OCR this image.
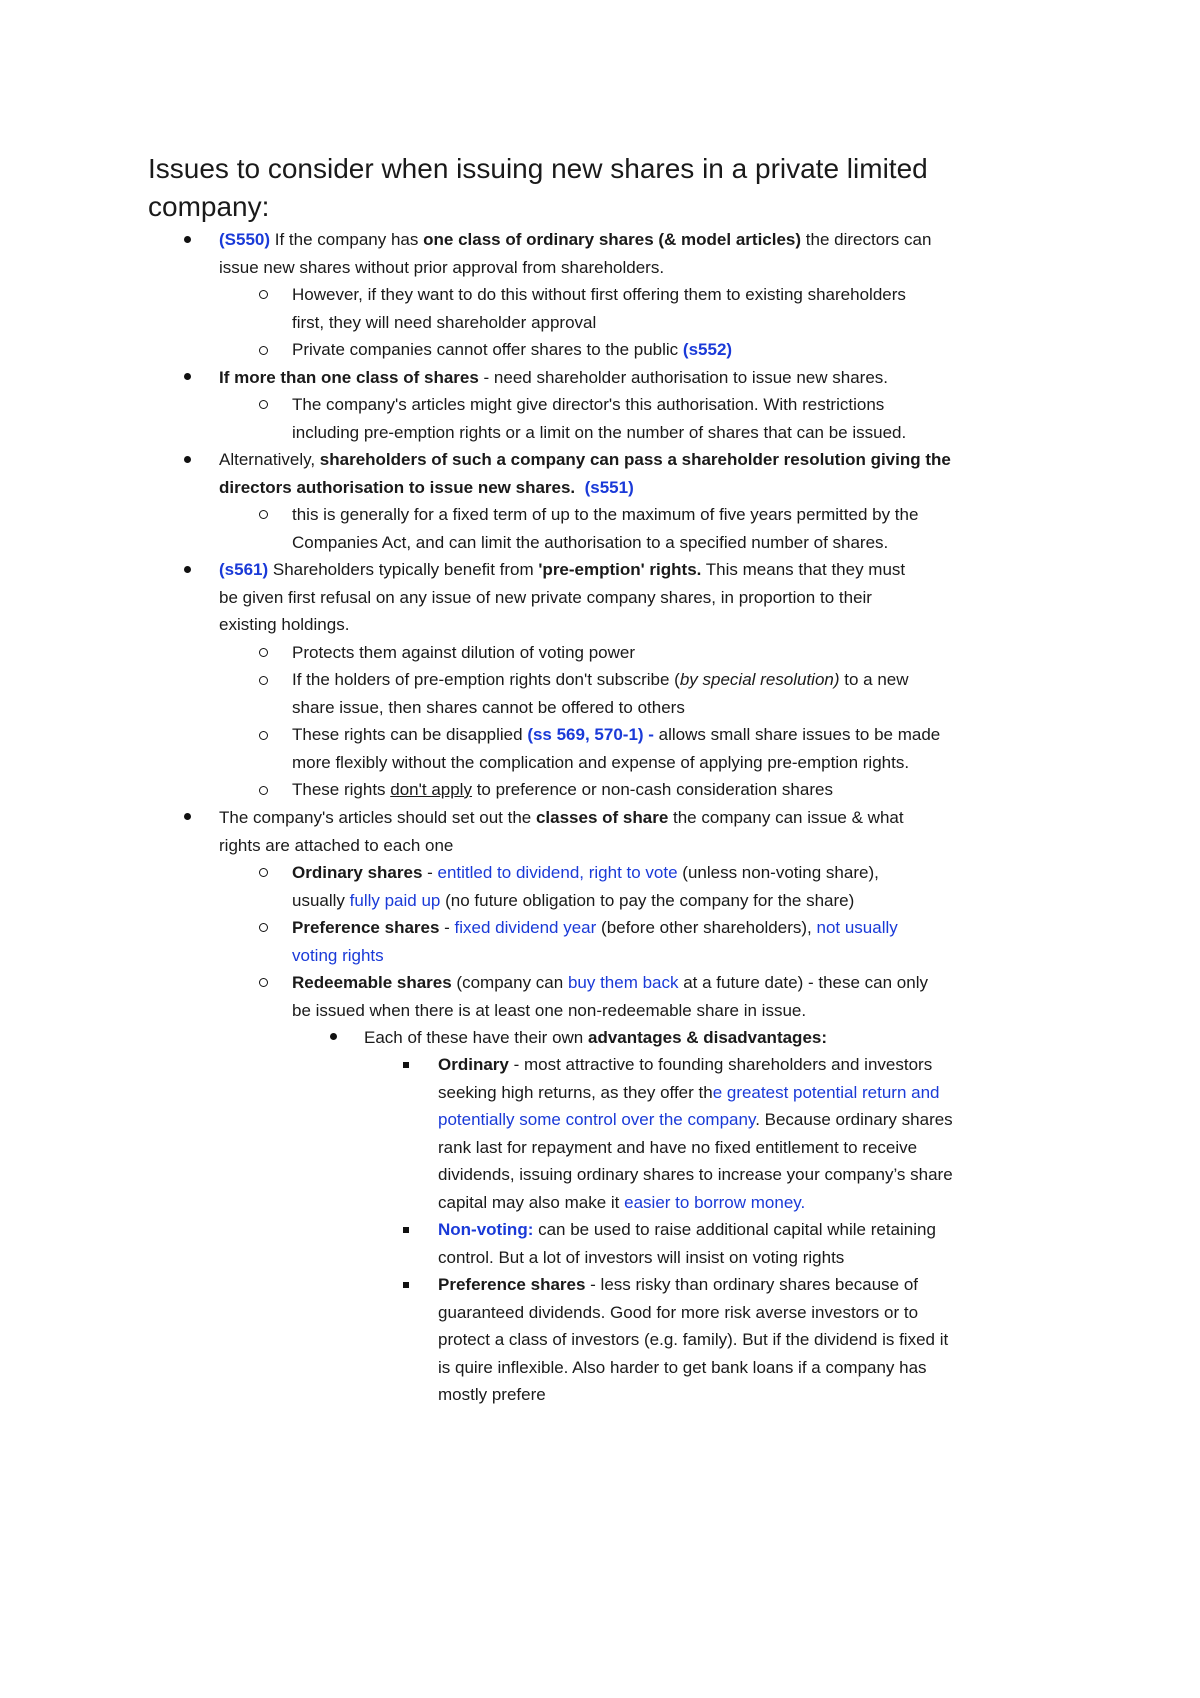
Issues to consider when issuing new shares in a private limited
company:
(S550) If the company has one class of ordinary shares (& model articles) the directors can
issue new shares without prior approval from shareholders.
However, if they want to do this without first offering them to existing shareholders
first, they will need shareholder approval
Private companies cannot offer shares to the public (s552)
If more than one class of shares - need shareholder authorisation to issue new shares.
The company's articles might give director's this authorisation. With restrictions
including pre-emption rights or a limit on the number of shares that can be issued.
Alternatively, shareholders of such a company can pass a shareholder resolution giving the
directors authorisation to issue new shares. (s551)
this is generally for a fixed term of up to the maximum of five years permitted by the
Companies Act, and can limit the authorisation to a specified number of shares.
(s561) Shareholders typically benefit from 'pre-emption' rights. This means that they must
be given first refusal on any issue of new private company shares, in proportion to their
existing holdings.
Protects them against dilution of voting power
If the holders of pre-emption rights don't subscribe (by special resolution) to a new
share issue, then shares cannot be offered to others
These rights can be disapplied (ss 569, 570-1) - allows small share issues to be made
more flexibly without the complication and expense of applying pre-emption rights.
These rights don't apply to preference or non-cash consideration shares
The company's articles should set out the classes of share the company can issue & what
rights are attached to each one
Ordinary shares - entitled to dividend, right to vote (unless non-voting share),
usually fully paid up (no future obligation to pay the company for the share)
Preference shares - fixed dividend year (before other shareholders), not usually
voting rights
Redeemable shares (company can buy them back at a future date) - these can only
be issued when there is at least one non-redeemable share in issue.
Each of these have their own advantages & disadvantages:
Ordinary - most attractive to founding shareholders and investors
seeking high returns, as they offer the greatest potential return and
potentially some control over the company. Because ordinary shares
rank last for repayment and have no fixed entitlement to receive
dividends, issuing ordinary shares to increase your company’s share
capital may also make it easier to borrow money.
Non-voting: can be used to raise additional capital while retaining
control. But a lot of investors will insist on voting rights
Preference shares - less risky than ordinary shares because of
guaranteed dividends. Good for more risk averse investors or to
protect a class of investors (e.g. family). But if the dividend is fixed it
is quire inflexible. Also harder to get bank loans if a company has
mostly prefere
